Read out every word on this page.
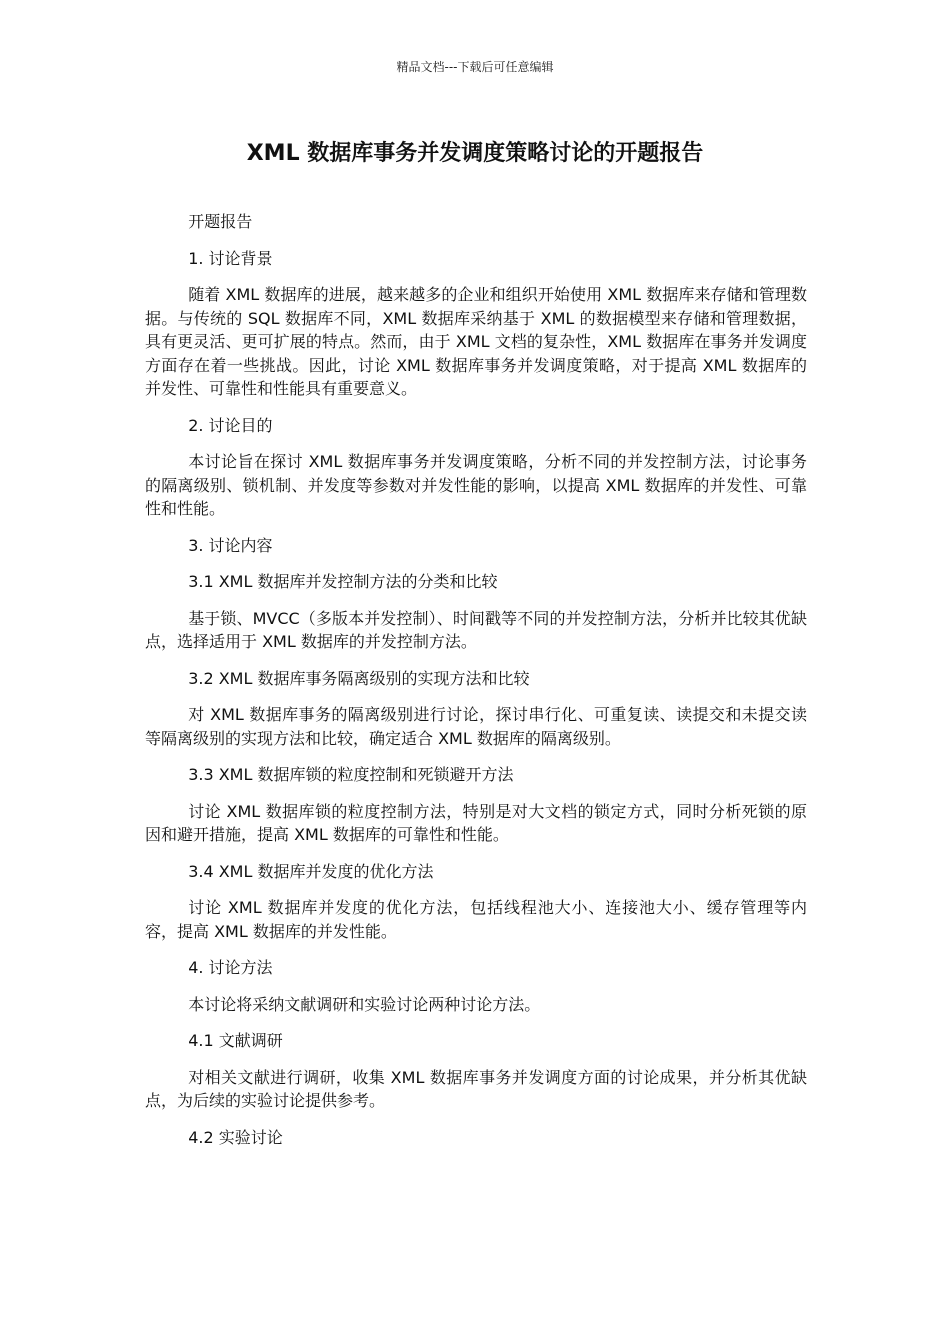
精品文档---下载后可任意编辑
XML 数据库事务并发调度策略讨论的开题报告

开题报告

1. 讨论背景

随着 XML 数据库的进展，越来越多的企业和组织开始使用 XML 数据库来存储和管理数据。与传统的 SQL 数据库不同，XML 数据库采纳基于 XML 的数据模型来存储和管理数据，具有更灵活、更可扩展的特点。然而，由于 XML 文档的复杂性，XML 数据库在事务并发调度方面存在着一些挑战。因此，讨论 XML 数据库事务并发调度策略，对于提高 XML 数据库的并发性、可靠性和性能具有重要意义。

2. 讨论目的

本讨论旨在探讨 XML 数据库事务并发调度策略，分析不同的并发控制方法，讨论事务的隔离级别、锁机制、并发度等参数对并发性能的影响，以提高 XML 数据库的并发性、可靠性和性能。

3. 讨论内容

3.1 XML 数据库并发控制方法的分类和比较

基于锁、MVCC（多版本并发控制）、时间戳等不同的并发控制方法，分析并比较其优缺点，选择适用于 XML 数据库的并发控制方法。

3.2 XML 数据库事务隔离级别的实现方法和比较

对 XML 数据库事务的隔离级别进行讨论，探讨串行化、可重复读、读提交和未提交读等隔离级别的实现方法和比较，确定适合 XML 数据库的隔离级别。

3.3 XML 数据库锁的粒度控制和死锁避开方法

讨论 XML 数据库锁的粒度控制方法，特别是对大文档的锁定方式，同时分析死锁的原因和避开措施，提高 XML 数据库的可靠性和性能。

3.4 XML 数据库并发度的优化方法

讨论 XML 数据库并发度的优化方法，包括线程池大小、连接池大小、缓存管理等内容，提高 XML 数据库的并发性能。

4. 讨论方法

本讨论将采纳文献调研和实验讨论两种讨论方法。

4.1 文献调研

对相关文献进行调研，收集 XML 数据库事务并发调度方面的讨论成果，并分析其优缺点，为后续的实验讨论提供参考。

4.2 实验讨论
